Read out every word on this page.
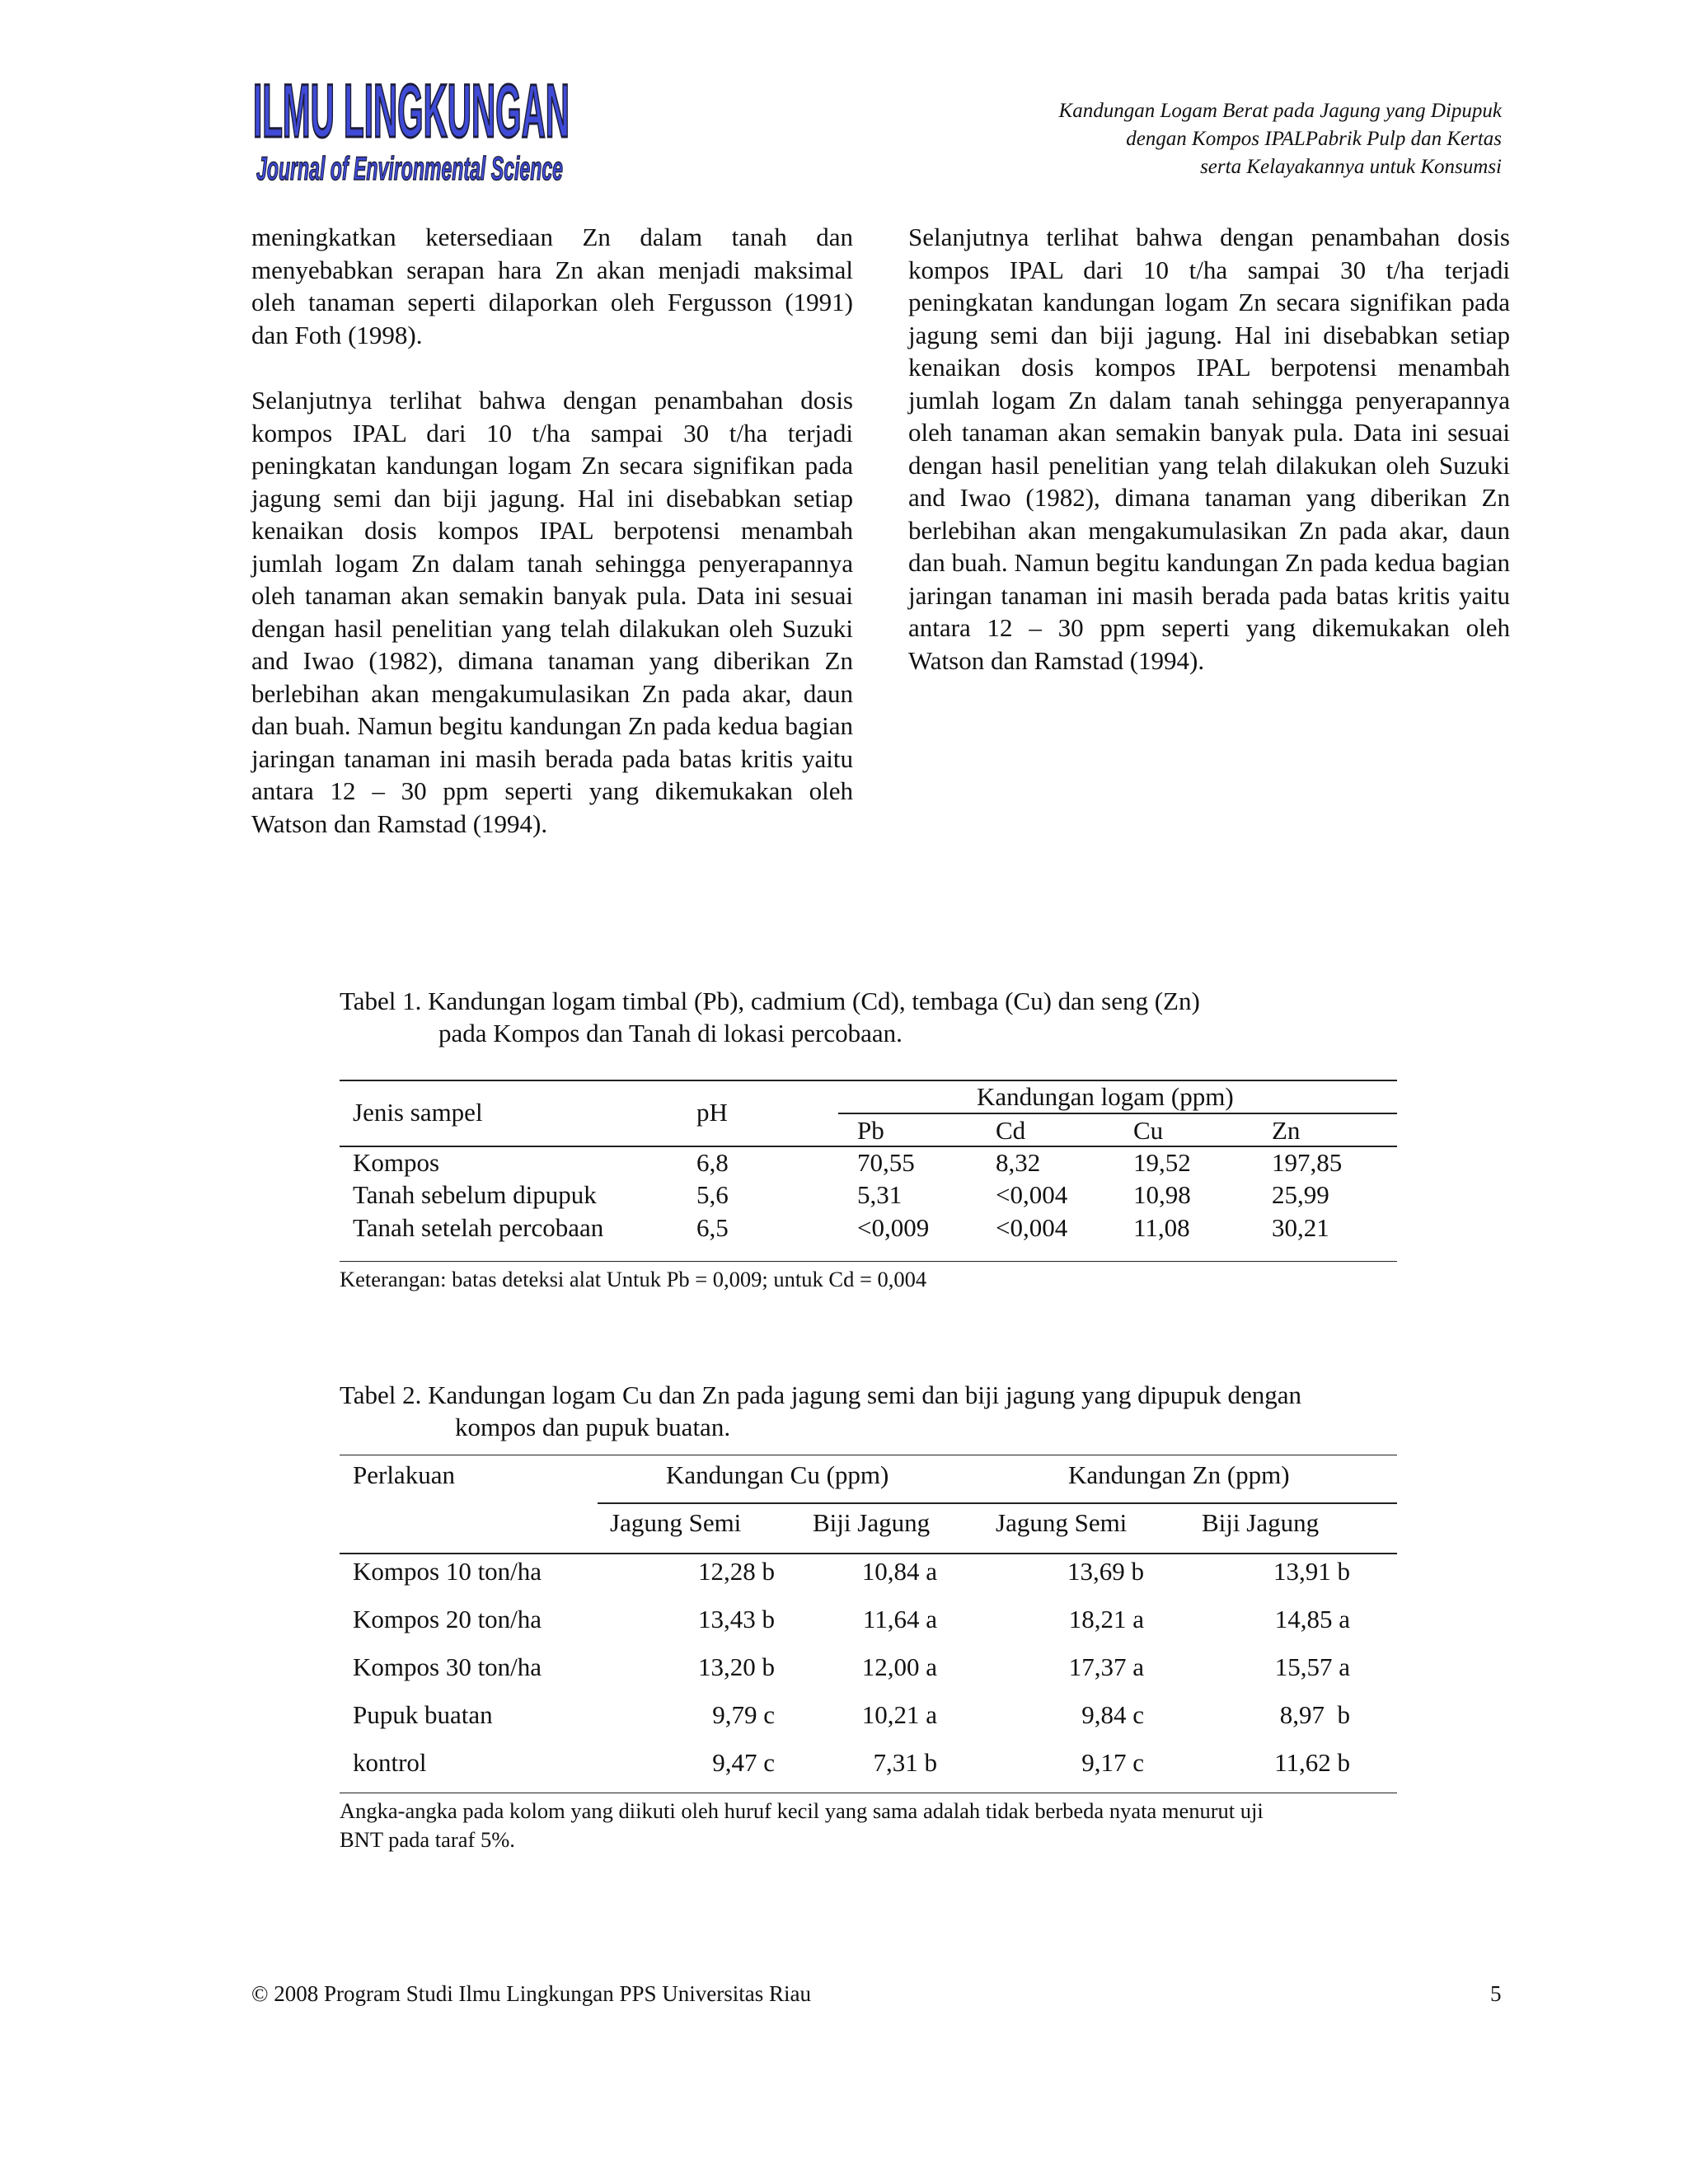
ILMU LINGKUNGAN
Journal of Environmental Science
Kandungan Logam Berat pada Jagung yang Dipupuk
dengan Kompos IPALPabrik Pulp dan Kertas
serta Kelayakannya untuk Konsumsi

meningkatkan ketersediaan Zn dalam tanah dan menyebabkan serapan hara Zn akan menjadi maksimal oleh tanaman seperti dilaporkan oleh Fergusson (1991) dan Foth (1998).

Selanjutnya terlihat bahwa dengan penambahan dosis kompos IPAL dari 10 t/ha sampai 30 t/ha terjadi peningkatan kandungan logam Zn secara signifikan pada jagung semi dan biji jagung. Hal ini disebabkan setiap kenaikan dosis kompos IPAL berpotensi menambah jumlah logam Zn dalam tanah sehingga penyerapannya oleh tanaman akan semakin banyak pula. Data ini sesuai dengan hasil penelitian yang telah dilakukan oleh Suzuki and Iwao (1982), dimana tanaman yang diberikan Zn berlebihan akan mengakumulasikan Zn pada akar, daun dan buah. Namun begitu kandungan Zn pada kedua bagian jaringan tanaman ini masih berada pada batas kritis yaitu antara 12 – 30 ppm seperti yang dikemukakan oleh Watson dan Ramstad (1994).

Selanjutnya terlihat bahwa dengan penambahan dosis kompos IPAL dari 10 t/ha sampai 30 t/ha terjadi peningkatan kandungan logam Zn secara signifikan pada jagung semi dan biji jagung. Hal ini disebabkan setiap kenaikan dosis kompos IPAL berpotensi menambah jumlah logam Zn dalam tanah sehingga penyerapannya oleh tanaman akan semakin banyak pula. Data ini sesuai dengan hasil penelitian yang telah dilakukan oleh Suzuki and Iwao (1982), dimana tanaman yang diberikan Zn berlebihan akan mengakumulasikan Zn pada akar, daun dan buah. Namun begitu kandungan Zn pada kedua bagian jaringan tanaman ini masih berada pada batas kritis yaitu antara 12 – 30 ppm seperti yang dikemukakan oleh Watson dan Ramstad (1994).

Tabel 1. Kandungan logam timbal (Pb), cadmium (Cd), tembaga (Cu) dan seng (Zn)
pada Kompos dan Tanah di lokasi percobaan.
Jenis sampel	pH
Kandungan logam (ppm)
Pb	Cd	Cu	Zn
Kompos	6,8	70,55	8,32	19,52	197,85
Tanah sebelum dipupuk	5,6	5,31	<0,004	10,98	25,99
Tanah setelah percobaan	6,5	<0,009	<0,004	11,08	30,21
Keterangan: batas deteksi alat Untuk Pb = 0,009; untuk Cd = 0,004
Tabel 2. Kandungan logam Cu dan Zn pada jagung semi dan biji jagung yang dipupuk dengan
kompos dan pupuk buatan.
Perlakuan	Kandungan Cu (ppm)	Kandungan Zn (ppm)
Jagung Semi	Biji Jagung	Jagung Semi	Biji Jagung
Kompos 10 ton/ha	12,28 b	10,84 a	13,69 b	13,91 b
Kompos 20 ton/ha	13,43 b	11,64 a	18,21 a	14,85 a
Kompos 30 ton/ha	13,20 b	12,00 a	17,37 a	15,57 a
Pupuk buatan	9,79 c	10,21 a	9,84 c	8,97  b
kontrol	9,47 c	7,31 b	9,17 c	11,62 b
Angka-angka pada kolom yang diikuti oleh huruf kecil yang sama adalah tidak berbeda nyata menurut uji
BNT pada taraf 5%.
© 2008 Program Studi Ilmu Lingkungan PPS Universitas Riau	5
